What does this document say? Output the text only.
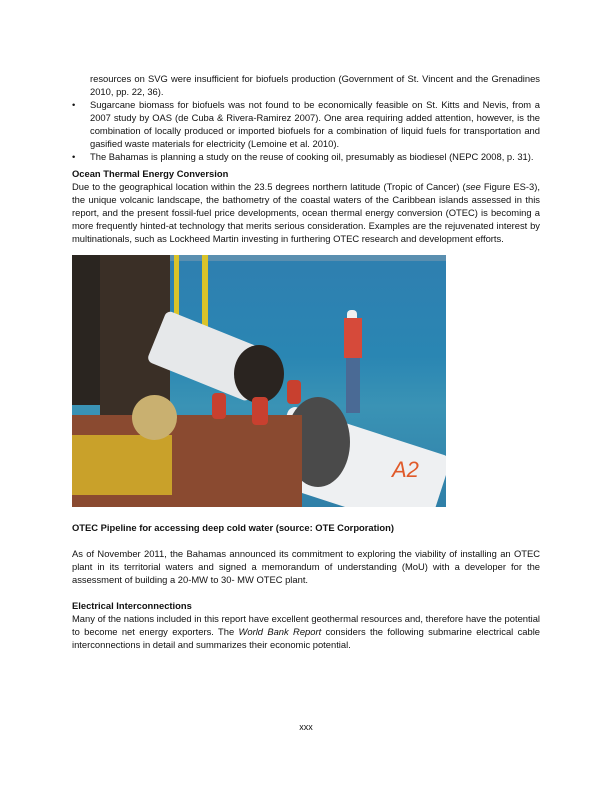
resources on SVG were insufficient for biofuels production (Government of St. Vincent and the Grenadines 2010, pp. 22, 36).

• Sugarcane biomass for biofuels was not found to be economically feasible on St. Kitts and Nevis, from a 2007 study by OAS (de Cuba & Rivera-Ramirez 2007). One area requiring added attention, however, is the combination of locally produced or imported biofuels for a combination of liquid fuels for transportation and gasified waste materials for electricity (Lemoine et al. 2010).
• The Bahamas is planning a study on the reuse of cooking oil, presumably as biodiesel (NEPC 2008, p. 31).
Ocean Thermal Energy Conversion

Due to the geographical location within the 23.5 degrees northern latitude (Tropic of Cancer) (see Figure ES-3), the unique volcanic landscape, the bathometry of the coastal waters of the Caribbean islands assessed in this report, and the present fossil-fuel price developments, ocean thermal energy conversion (OTEC) is becoming a more frequently hinted-at technology that merits serious consideration. Examples are the rejuvenated interest by multinationals, such as Lockheed Martin investing in furthering OTEC research and development efforts.

A2

OTEC Pipeline for accessing deep cold water (source: OTE Corporation)

As of November 2011, the Bahamas announced its commitment to exploring the viability of installing an OTEC plant in its territorial waters and signed a memorandum of understanding (MoU) with a developer for the assessment of building a 20-MW to 30- MW OTEC plant.

Electrical Interconnections

Many of the nations included in this report have excellent geothermal resources and, therefore have the potential to become net energy exporters. The World Bank Report considers the following submarine electrical cable interconnections in detail and summarizes their economic potential.

xxx
